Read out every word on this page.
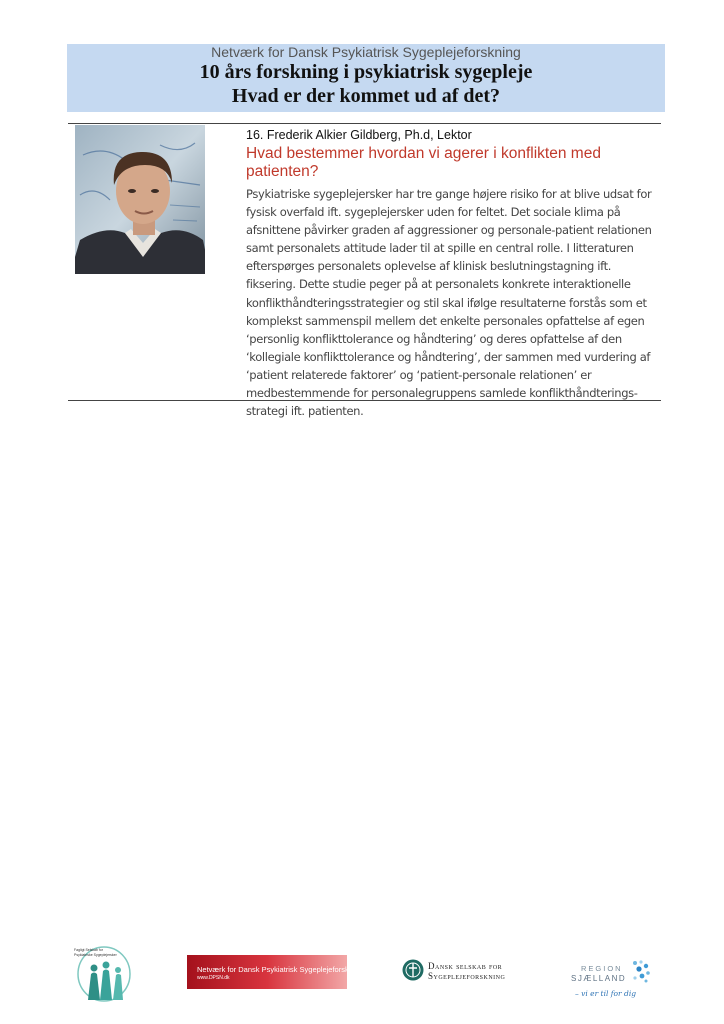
Netværk for Dansk Psykiatrisk Sygeplejeforskning
10 års forskning i psykiatrisk sygepleje
Hvad er der kommet ud af det?
16. Frederik Alkier Gildberg, Ph.d, Lektor
Hvad bestemmer hvordan vi agerer i konflikten med patienten?
Psykiatriske sygeplejersker har tre gange højere risiko for at blive udsat for fysisk overfald ift. sygeplejersker uden for feltet. Det sociale klima på afsnittene påvirker graden af aggressioner og personale-patient relationen samt personalets attitude lader til at spille en central rolle. I litteraturen efterspørges personalets oplevelse af klinisk beslutningstagning ift. fiksering. Dette studie peger på at personalets konkrete interaktionelle konflikthåndteringsstrategier og stil skal ifølge resultaterne forstås som et komplekst sammenspil mellem det enkelte personales opfattelse af egen ‘personlig konflikttolerance og håndtering’ og deres opfattelse af den ‘kollegiale konflikttolerance og håndtering’, der sammen med vurdering af ‘patient relaterede faktorer’ og ‘patient-personale relationen’ er medbestemmende for personalegruppens samlede konflikthåndterings-strategi ift. patienten.
Fagligt Selskab for Psykiatriske Sygeplejersker
Netværk for Dansk Psykiatrisk Sygeplejeforskning
www.DPSN.dk
Dansk selskab for
Sygeplejeforskning
REGION
SJÆLLAND
– vi er til for dig
